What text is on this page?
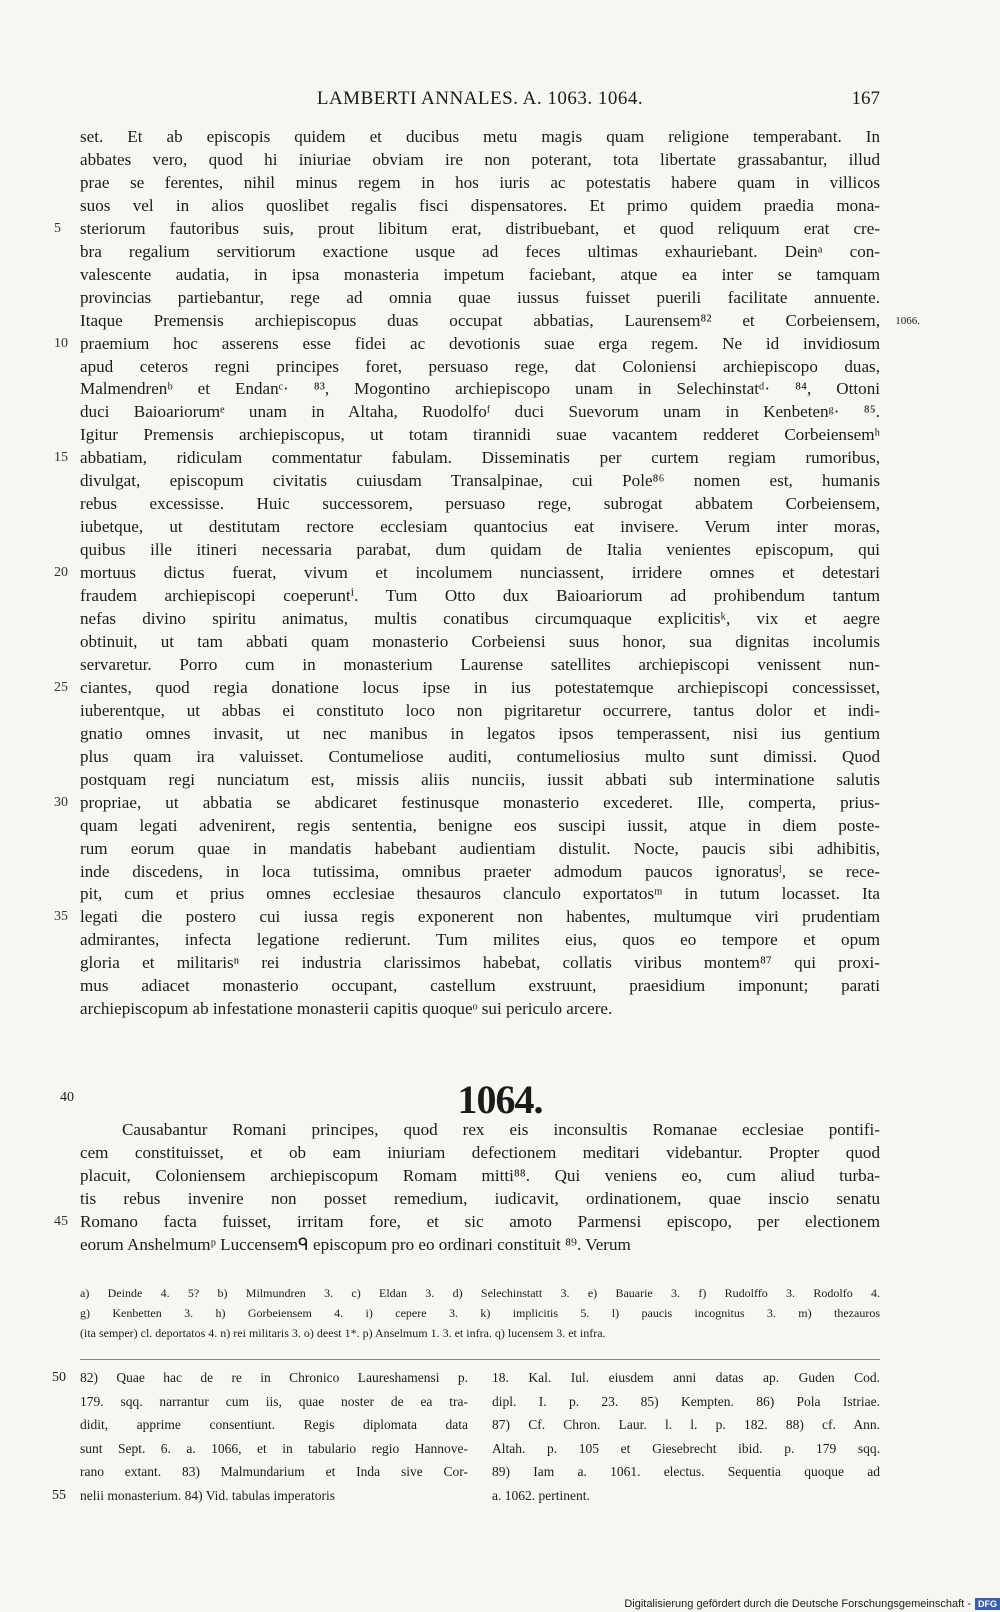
LAMBERTI ANNALES. A. 1063. 1064.	167
set. Et ab episcopis quidem et ducibus metu magis quam religione temperabant. In
abbates vero, quod hi iniuriae obviam ire non poterant, tota libertate grassabantur, illud
prae se ferentes, nihil minus regem in hos iuris ac potestatis habere quam in villicos
suos vel in alios quoslibet regalis fisci dispensatores. Et primo quidem praedia mona-
steriorum fautoribus suis, prout libitum erat, distribuebant, et quod reliquum erat cre-
5
bra regalium servitiorum exactione usque ad feces ultimas exhauriebant. Deinᵃ con-
valescente audatia, in ipsa monasteria impetum faciebant, atque ea inter se tamquam
provincias partiebantur, rege ad omnia quae iussus fuisset puerili facilitate annuente.
Itaque Premensis archiepiscopus duas occupat abbatias, Laurensem⁸² et Corbeiensem, 1066.
praemium hoc asserens esse fidei ac devotionis suae erga regem. Ne id invidiosum
10
apud ceteros regni principes foret, persuaso rege, dat Coloniensi archiepiscopo duas,
Malmendrenᵇ et Endanᶜ· ⁸³, Mogontino archiepiscopo unam in Selechinstatᵈ· ⁸⁴, Ottoni
duci Baioariorumᵉ unam in Altaha, Ruodolfoᶠ duci Suevorum unam in Kenbetenᵍ· ⁸⁵.
Igitur Premensis archiepiscopus, ut totam tirannidi suae vacantem redderet Corbeiensemʰ
abbatiam, ridiculam commentatur fabulam. Disseminatis per curtem regiam rumoribus,
15
divulgat, episcopum civitatis cuiusdam Transalpinae, cui Pole⁸⁶ nomen est, humanis
rebus excessisse. Huic successorem, persuaso rege, subrogat abbatem Corbeiensem,
iubetque, ut destitutam rectore ecclesiam quantocius eat invisere. Verum inter moras,
quibus ille itineri necessaria parabat, dum quidam de Italia venientes episcopum, qui
mortuus dictus fuerat, vivum et incolumem nunciassent, irridere omnes et detestari
20
fraudem archiepiscopi coeperuntⁱ. Tum Otto dux Baioariorum ad prohibendum tantum
nefas divino spiritu animatus, multis conatibus circumquaque explicitisᵏ, vix et aegre
obtinuit, ut tam abbati quam monasterio Corbeiensi suus honor, sua dignitas incolumis
servaretur. Porro cum in monasterium Laurense satellites archiepiscopi venissent nun-
ciantes, quod regia donatione locus ipse in ius potestatemque archiepiscopi concessisset,
25
iuberentque, ut abbas ei constituto loco non pigritaretur occurrere, tantus dolor et indi-
gnatio omnes invasit, ut nec manibus in legatos ipsos temperassent, nisi ius gentium
plus quam ira valuisset. Contumeliose auditi, contumeliosius multo sunt dimissi. Quod
postquam regi nunciatum est, missis aliis nunciis, iussit abbati sub interminatione salutis
propriae, ut abbatia se abdicaret festinusque monasterio excederet. Ille, comperta, prius-
30
quam legati advenirent, regis sententia, benigne eos suscipi iussit, atque in diem poste-
rum eorum quae in mandatis habebant audientiam distulit. Nocte, paucis sibi adhibitis,
inde discedens, in loca tutissima, omnibus praeter admodum paucos ignoratusˡ, se rece-
pit, cum et prius omnes ecclesiae thesauros clanculo exportatosᵐ in tutum locasset. Ita
legati die postero cui iussa regis exponerent non habentes, multumque viri prudentiam
35
admirantes, infecta legatione redierunt. Tum milites eius, quos eo tempore et opum
gloria et militarisⁿ rei industria clarissimos habebat, collatis viribus montem⁸⁷ qui proxi-
mus adiacet monasterio occupant, castellum exstruunt, praesidium imponunt; parati
archiepiscopum ab infestatione monasterii capitis quoqueᵒ sui periculo arcere.
40	1064.
Causabantur Romani principes, quod rex eis inconsultis Romanae ecclesiae pontifi-
cem constituisset, et ob eam iniuriam defectionem meditari videbantur. Propter quod
placuit, Coloniensem archiepiscopum Romam mitti⁸⁸. Qui veniens eo, cum aliud turba-
tis rebus invenire non posset remedium, iudicavit, ordinationem, quae inscio senatu
Romano facta fuisset, irritam fore, et sic amoto Parmensi episcopo, per electionem
45
eorum Anshelmumᵖ Luccensemᑫ episcopum pro eo ordinari constituit ⁸⁹. Verum
a) Deinde 4. 5? b) Milmundren 3. c) Eldan 3. d) Selechinstatt 3. e) Bauarie 3. f) Rudolffo 3. Rodolfo 4.
g) Kenbetten 3. h) Gorbeiensem 4. i) cepere 3. k) implicitis 5. l) paucis incognitus 3. m) thezauros
(ita semper) cl. deportatos 4. n) rei militaris 3. o) deest 1*. p) Anselmum 1. 3. et infra. q) lucensem 3. et infra.
82) Quae hac de re in Chronico Laureshamensi p.
50
179. sqq. narrantur cum iis, quae noster de ea tra-
didit, apprime consentiunt. Regis diplomata data
sunt Sept. 6. a. 1066, et in tabulario regio Hannove-
rano extant. 83) Malmundarium et Inda sive Cor-
nelii monasterium. 84) Vid. tabulas imperatoris
55
18. Kal. Iul. eiusdem anni datas ap. Guden Cod.
dipl. I. p. 23. 85) Kempten. 86) Pola Istriae.
87) Cf. Chron. Laur. l. l. p. 182. 88) cf. Ann.
Altah. p. 105 et Giesebrecht ibid. p. 179 sqq.
89) Iam a. 1061. electus. Sequentia quoque ad
a. 1062. pertinent.
Digitalisierung gefördert durch die Deutsche Forschungsgemeinschaft - DFG
